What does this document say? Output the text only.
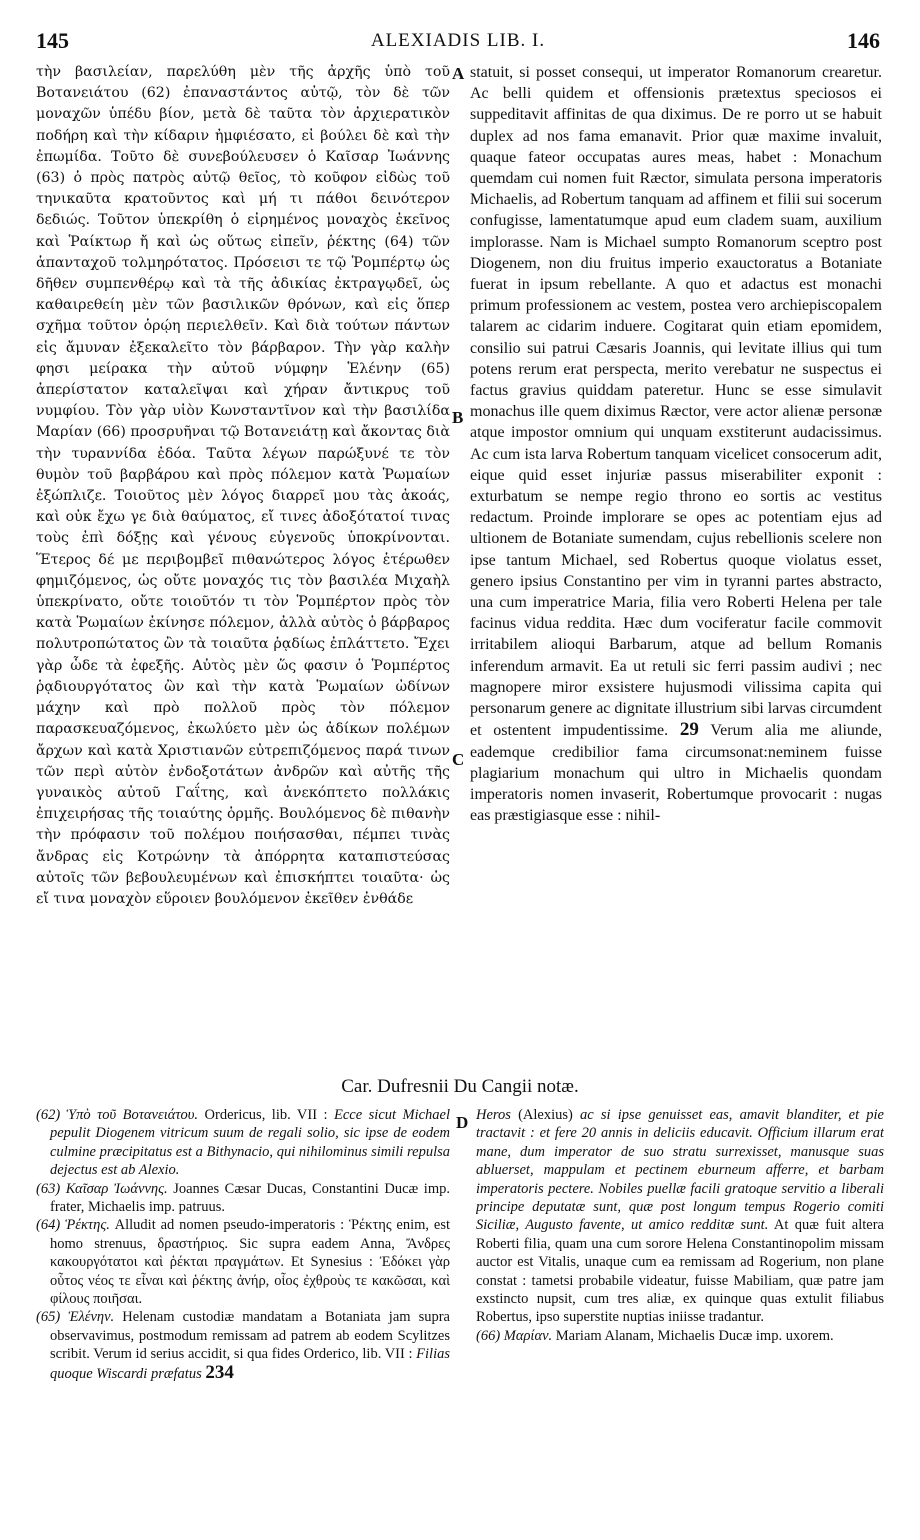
145	ALEXIADIS LIB. I.	146

τὴν βασιλείαν, παρελύθη μὲν τῆς ἀρχῆς ὑπὸ τοῦ Βοτανειάτου (62) ἐπαναστάντος αὐτῷ, τὸν δὲ τῶν μοναχῶν ὑπέδυ βίον, μετὰ δὲ ταῦτα τὸν ἀρχιερατικὸν ποδήρη καὶ τὴν κίδαριν ἠμφιέσατο, εἰ βούλει δὲ καὶ τὴν ἐπωμίδα. Τοῦτο δὲ συνεβούλευσεν ὁ Καῖσαρ Ἰωάννης (63) ὁ πρὸς πατρὸς αὐτῷ θεῖος, τὸ κοῦφον εἰδὼς τοῦ τηνικαῦτα κρατοῦντος καὶ μή τι πάθοι δεινότερον δεδιώς. Τοῦτον ὑπεκρίθη ὁ εἰρημένος μοναχὸς ἐκεῖνος καὶ Ῥαίκτωρ ἤ καὶ ὡς οὕτως εἰπεῖν, ῥέκτης (64) τῶν ἁπανταχοῦ τολμηρότατος. Πρόσεισι τε τῷ Ῥομπέρτῳ ὡς δῆθεν συμπενθέρῳ καὶ τὰ τῆς ἀδικίας ἐκτραγῳδεῖ, ὡς καθαιρεθείη μὲν τῶν βασιλικῶν θρόνων, καὶ εἰς ὅπερ σχῆμα τοῦτον ὁρῴη περιελθεῖν. Καὶ διὰ τούτων πάντων εἰς ἄμυναν ἐξεκαλεῖτο τὸν βάρβαρον. Τὴν γὰρ καλὴν φησι μείρακα τὴν αὐτοῦ νύμφην Ἑλένην (65) ἀπερίστατον καταλεῖψαι καὶ χήραν ἄντικρυς τοῦ νυμφίου. Τὸν γὰρ υἱὸν Κωνσταντῖνον καὶ τὴν βασιλίδα Μαρίαν (66) προσρυῆναι τῷ Βοτανειάτῃ καὶ ἄκοντας διὰ τὴν τυραννίδα ἐδόα. Ταῦτα λέγων παρώξυνέ τε τὸν θυμὸν τοῦ βαρβάρου καὶ πρὸς πόλεμον κατὰ Ῥωμαίων ἐξώπλιζε. Τοιοῦτος μὲν λόγος διαρρεῖ μου τὰς ἀκοάς, καὶ οὐκ ἔχω γε διὰ θαύματος, εἴ τινες ἀδοξότατοί τινας τοὺς ἐπὶ δόξῃς καὶ γένους εὐγενοῦς ὑποκρίνονται. Ἕτερος δέ με περιβομβεῖ πιθανώτερος λόγος ἑτέρωθεν φημιζόμενος, ὡς οὔτε μοναχός τις τὸν βασιλέα Μιχαὴλ ὑπεκρίνατο, οὔτε τοιοῦτόν τι τὸν Ῥομπέρτον πρὸς τὸν κατὰ Ῥωμαίων ἐκίνησε πόλεμον, ἀλλὰ αὐτὸς ὁ βάρβαρος πολυτροπώτατος ὢν τὰ τοιαῦτα ῥᾳδίως ἐπλάττετο. Ἔχει γὰρ ὧδε τὰ ἐφεξῆς. Αὐτὸς μὲν ὥς φασιν ὁ Ῥομπέρτος ῥᾳδιουργότατος ὢν καὶ τὴν κατὰ Ῥωμαίων ὠδίνων μάχην καὶ πρὸ πολλοῦ πρὸς τὸν πόλεμον παρασκευαζόμενος, ἐκωλύετο μὲν ὡς ἀδίκων πολέμων ἄρχων καὶ κατὰ Χριστιανῶν εὐτρεπιζόμενος παρά τινων τῶν περὶ αὐτὸν ἐνδοξοτάτων ἀνδρῶν καὶ αὐτῆς τῆς γυναικὸς αὐτοῦ Γαΐτης, καὶ ἀνεκόπτετο πολλάκις ἐπιχειρήσας τῆς τοιαύτης ὁρμῆς. Βουλόμενος δὲ πιθανὴν τὴν πρόφασιν τοῦ πολέμου ποιήσασθαι, πέμπει τινὰς ἄνδρας εἰς Κοτρώνην τὰ ἀπόρρητα καταπιστεύσας αὐτοῖς τῶν βεβουλευμένων καὶ ἐπισκήπτει τοιαῦτα· ὡς εἴ τινα μοναχὸν εὕροιεν βουλόμενον ἐκεῖθεν ἐνθάδε

A
B
C
D

statuit, si posset consequi, ut imperator Romanorum crearetur. Ac belli quidem et offensionis prætextus speciosos ei suppeditavit affinitas de qua diximus. De re porro ut se habuit duplex ad nos fama emanavit. Prior quæ maxime invaluit, quaque fateor occupatas aures meas, habet : Monachum quemdam cui nomen fuit Ræctor, simulata persona imperatoris Michaelis, ad Robertum tanquam ad affinem et filii sui socerum confugisse, lamentatumque apud eum cladem suam, auxilium implorasse. Nam is Michael sumpto Romanorum sceptro post Diogenem, non diu fruitus imperio exauctoratus a Botaniate fuerat in ipsum rebellante. A quo et adactus est monachi primum professionem ac vestem, postea vero archiepiscopalem talarem ac cidarim induere. Cogitarat quin etiam epomidem, consilio sui patrui Cæsaris Joannis, qui levitate illius qui tum potens rerum erat perspecta, merito verebatur ne suspectus ei factus gravius quiddam pateretur. Hunc se esse simulavit monachus ille quem diximus Ræctor, vere actor alienæ personæ atque impostor omnium qui unquam exstiterunt audacissimus. Ac cum ista larva Robertum tanquam vicelicet consocerum adit, eique quid esset injuriæ passus miserabiliter exponit : exturbatum se nempe regio throno eo sortis ac vestitus redactum. Proinde implorare se opes ac potentiam ejus ad ultionem de Botaniate sumendam, cujus rebellionis scelere non ipse tantum Michael, sed Robertus quoque violatus esset, genero ipsius Constantino per vim in tyranni partes abstracto, una cum imperatrice Maria, filia vero Roberti Helena per tale facinus vidua reddita. Hæc dum vociferatur facile commovit irritabilem alioqui Barbarum, atque ad bellum Romanis inferendum armavit. Ea ut retuli sic ferri passim audivi ; nec magnopere miror exsistere hujusmodi vilissima capita qui personarum genere ac dignitate illustrium sibi larvas circumdent et ostentent impudentissime. 29 Verum alia me aliunde, eademque credibilior fama circumsonat:neminem fuisse plagiarium monachum qui ultro in Michaelis quondam imperatoris nomen invaserit, Robertumque provocarit : nugas eas præstigiasque esse : nihil-

Car. Dufresnii Du Cangii notæ.

(62) Ὑπὸ τοῦ Βοτανειάτου. Ordericus, lib. VII : Ecce sicut Michael pepulit Diogenem vitricum suum de regali solio, sic ipse de eodem culmine præcipitatus est a Bithynacio, qui nihilominus simili repulsa dejectus est ab Alexio.

(63) Καῖσαρ Ἰωάννης. Joannes Cæsar Ducas, Constantini Ducæ imp. frater, Michaelis imp. patruus.

(64) Ῥέκτης. Alludit ad nomen pseudo-imperatoris : Ῥέκτης enim, est homo strenuus, δραστήριος. Sic supra eadem Anna, Ἄνδρες κακουργότατοι καὶ ῥέκται πραγμάτων. Et Synesius : Ἐδόκει γὰρ οὗτος νέος τε εἶναι καὶ ῥέκτης ἀνήρ, οἷος ἐχθροὺς τε κακῶσαι, καὶ φίλους ποιῆσαι.

(65) Ἑλένην. Helenam custodiæ mandatam a Botaniata jam supra observavimus, postmodum remissam ad patrem ab eodem Scylitzes scribit. Verum id serius accidit, si qua fides Orderico, lib. VII : Filias quoque Wiscardi præfatus 234

Heros (Alexius) ac si ipse genuisset eas, amavit blanditer, et pie tractavit : et fere 20 annis in deliciis educavit. Officium illarum erat mane, dum imperator de suo stratu surrexisset, manusque suas abluerset, mappulam et pectinem eburneum afferre, et barbam imperatoris pectere. Nobiles puellæ facili gratoque servitio a liberali principe deputatæ sunt, quæ post longum tempus Rogerio comiti Siciliæ, Augusto favente, ut amico redditæ sunt. At quæ fuit altera Roberti filia, quam una cum sorore Helena Constantinopolim missam auctor est Vitalis, unaque cum ea remissam ad Rogerium, non plane constat : tametsi probabile videatur, fuisse Mabiliam, quæ patre jam exstincto nupsit, cum tres aliæ, ex quinque quas extulit filiabus Robertus, ipso superstite nuptias iniisse tradantur.

(66) Μαρίαν. Mariam Alanam, Michaelis Ducæ imp. uxorem.
